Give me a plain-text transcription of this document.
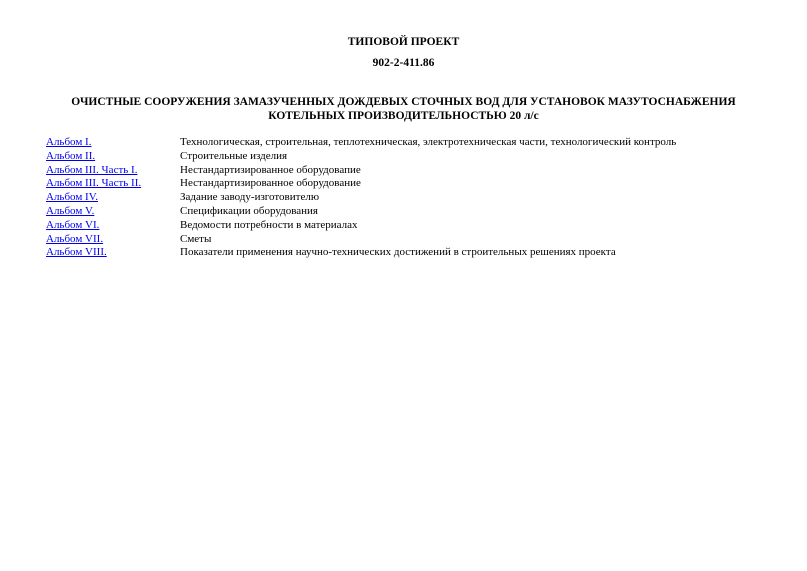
ТИПОВОЙ ПРОЕКТ

902-2-411.86

ОЧИСТНЫЕ СООРУЖЕНИЯ ЗАМАЗУЧЕННЫХ ДОЖДЕВЫХ СТОЧНЫХ ВОД ДЛЯ УСТАНОВОК МАЗУТОСНАБЖЕНИЯ КОТЕЛЬНЫХ ПРОИЗВОДИТЕЛЬНОСТЬЮ 20 л/с

Альбом I.	Технологическая, строительная, теплотехническая, электротехническая части, технологический контроль
Альбом II.	Строительные изделия
Альбом III. Часть I.	Нестандартизированное оборудовапие
Альбом III. Часть II.	Нестандартизированное оборудование
Альбом IV.	Задание заводу-изготовителю
Альбом V.	Спецификации оборудования
Альбом VI.	Ведомости потребности в материалах
Альбом VII.	Сметы
Альбом VIII.	Показатели применения научно-технических достижений в строительных решениях проекта
